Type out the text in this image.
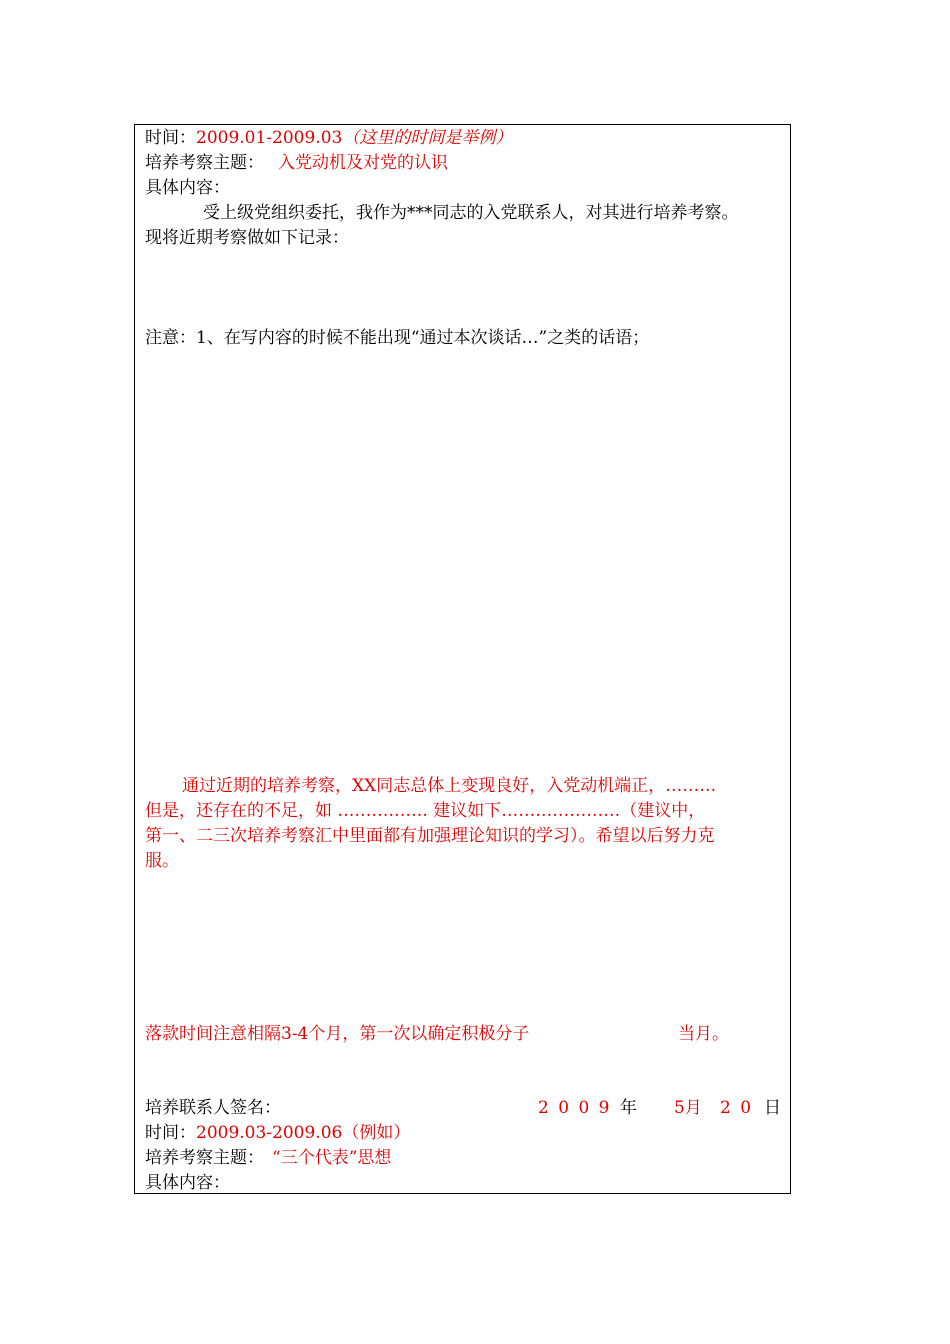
时间：2009.01-2009.03（这里的时间是举例）
培养考察主题： 入党动机及对党的认识
具体内容：
受上级党组织委托，我作为***同志的入党联系人，对其进行培养考察。
现将近期考察做如下记录：
注意：1、在写内容的时候不能出现“通过本次谈话…”之类的话语；
通过近期的培养考察，XX同志总体上变现良好，入党动机端正，………
但是，还存在的不足，如 ……………. 建议如下…………………（建议中，
第一、二三次培养考察汇中里面都有加强理论知识的学习）。希望以后努力克
服。
落款时间注意相隔3-4个月，第一次以确定积极分子	当月。
培养联系人签名：	2 0 0 9 年 5月 2 0 日
时间：2009.03-2009.06（例如）
培养考察主题： “三个代表”思想
具体内容：
